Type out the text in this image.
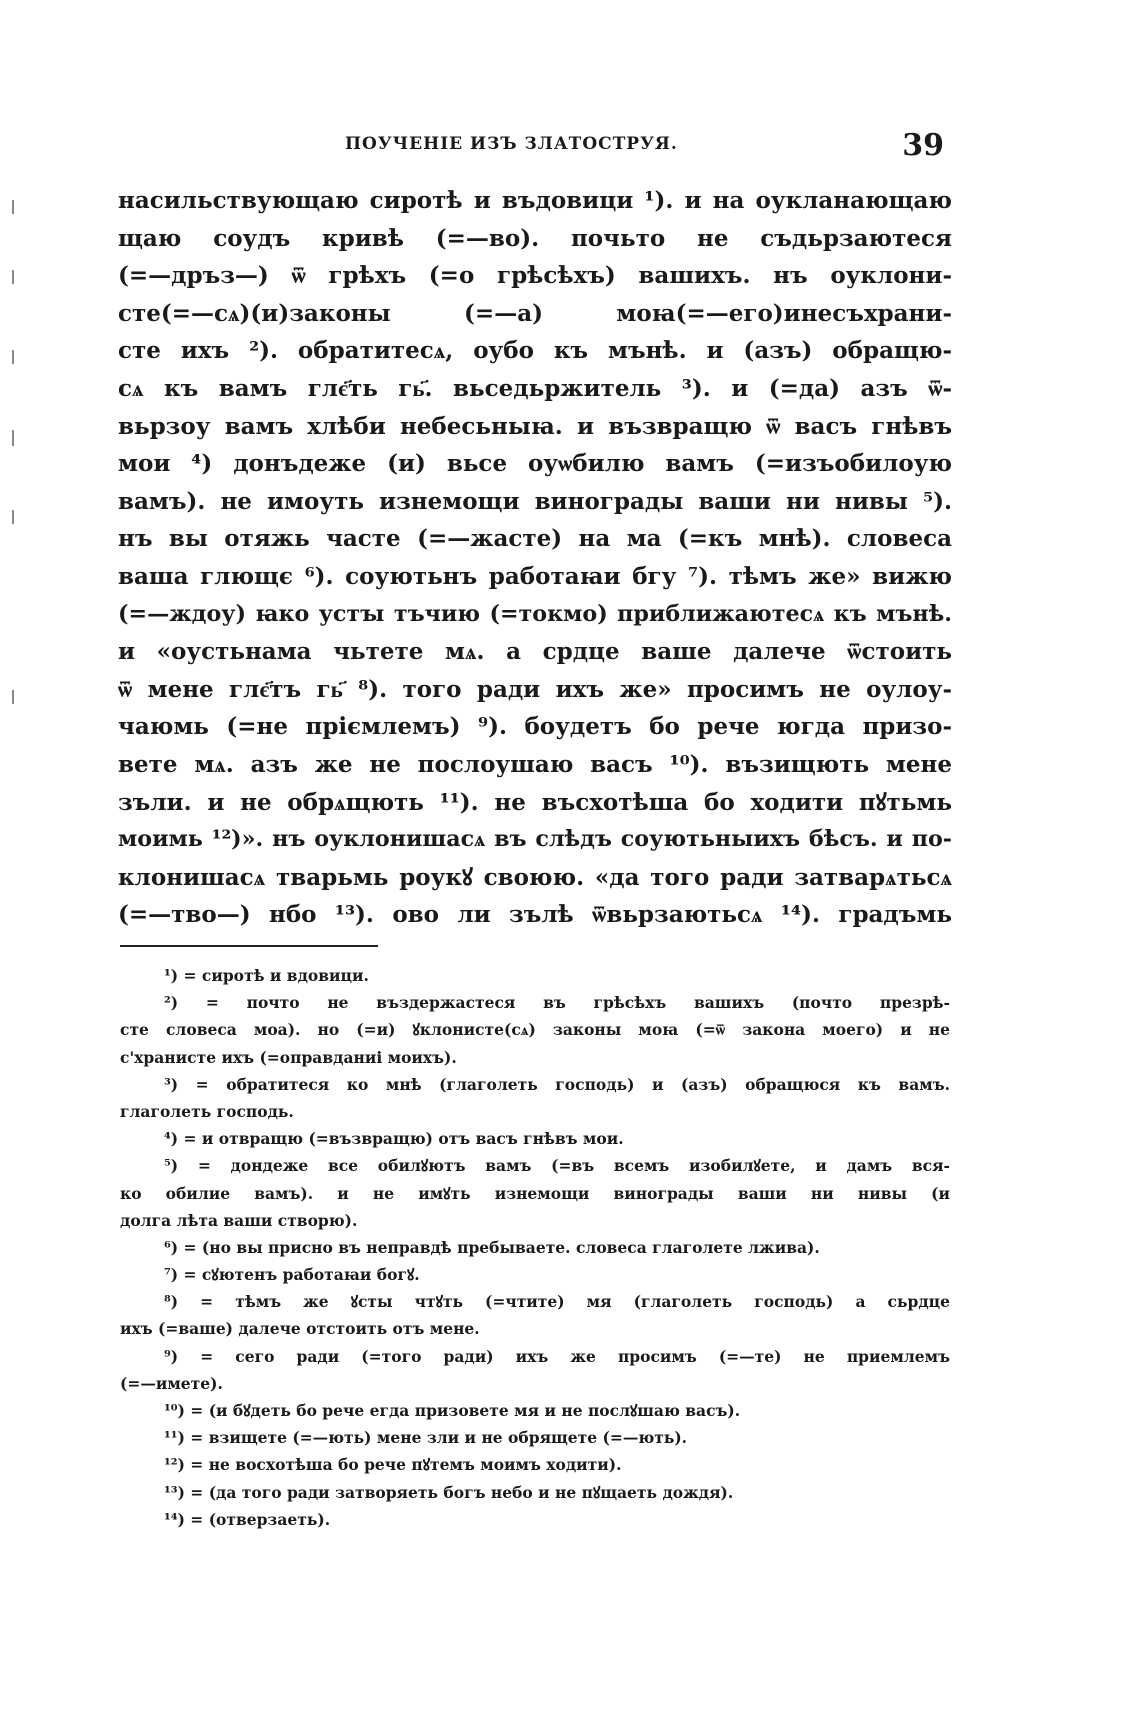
ПОУЧЕНІЕ ИЗЪ ЗЛАТОСТРУЯ.	39
насильствующаю сиротѣ и въдовици ¹). и на оукланающаю
щаю соудъ кривѣ (=—во). почьто не съдьрзаютеся
(=—дръз—) ѿ грѣхъ (=о грѣсѣхъ) вашихъ. нъ оуклони-
сте(=—сѧ)(и)законы (=—а) моꙗ(=—его)инесъхрани-
сте ихъ ²). обратитесѧ, оубо къ мънѣ. и (азъ) обращю-
сѧ къ вамъ глє҃ть гь҃. вьседьржитель ³). и (=да) азъ ѿ-
вьрзоу вамъ хлѣби небесьныꙗ. и възвращю ѿ васъ гнѣвъ
мои ⁴) донъдеже (и) вьсе оуѡбилю вамъ (=изъобилоую
вамъ). не имоуть изнемощи винограды ваши ни нивы ⁵).
нъ вы отяжь часте (=—жасте) на ма (=къ мнѣ). словеса
ваша глющє ⁶). соуютьнъ работаꙗи бгу ⁷). тѣмъ же» вижю
(=—ждоу) ꙗко устꙑ тъчию (=токмо) приближаютесѧ къ мънѣ.
и «оустьнама чьтете мѧ. а срдце ваше далече ѿстоить
ѿ мене глє҃тъ гь҃ ⁸). того ради ихъ же» просимъ не оулоу-
чаюмь (=не пріємлемъ) ⁹). боудетъ бо рече югда призо-
вете мѧ. азъ же не послоушаю васъ ¹⁰). възищють мене
зъли. и не обрѧщють ¹¹). не въсхотѣша бо ходити пꙋтьмь
моимь ¹²)». нъ оуклонишасѧ въ слѣдъ соуютьныихъ бѣсъ. и по-
клонишасѧ тварьмь роукꙋ своюю. «да того ради затварѧтьсѧ
(=—тво—) нбо ¹³). ово ли зълѣ ѿвьрзаютьсѧ ¹⁴). градъмь
¹) = сиротѣ и вдовици.
²) = почто не въздержастеся въ грѣсѣхъ вашихъ (почто презрѣ-
сте словеса моа). но (=и) ꙋклонисте(сѧ) законы моꙗ (=ѿ закона моего) и не
с'хранисте ихъ (=оправданиі моихъ).
³) = обратитеся ко мнѣ (глаголеть господь) и (азъ) обращюся къ вамъ.
глаголеть господь.
⁴) = и отвращю (=възвращю) отъ васъ гнѣвъ мои.
⁵) = дондеже все обилꙋютъ вамъ (=въ всемъ изобилꙋете, и дамъ вся-
ко обилие вамъ). и не имꙋть изнемощи винограды ваши ни нивы (и
долга лѣта ваши створю).
⁶) = (но вы присно въ неправдѣ пребываете. словеса глаголете лжива).
⁷) = сꙋютенъ работаꙗи богꙋ.
⁸) = тѣмъ же ꙋсты чтꙋть (=чтите) мя (глаголеть господь) а сьрдце
ихъ (=ваше) далече отстоить отъ мене.
⁹) = сего ради (=того ради) ихъ же просимъ (=—те) не приемлемъ
(=—имете).
¹⁰) = (и бꙋдеть бо рече егда призовете мя и не послꙋшаю васъ).
¹¹) = взищете (=—ють) мене зли и не обрящете (=—ють).
¹²) = не восхотѣша бо рече пꙋтемъ моимъ ходити).
¹³) = (да того ради затворяеть богъ небо и не пꙋщаеть дождя).
¹⁴) = (отверзаеть).
